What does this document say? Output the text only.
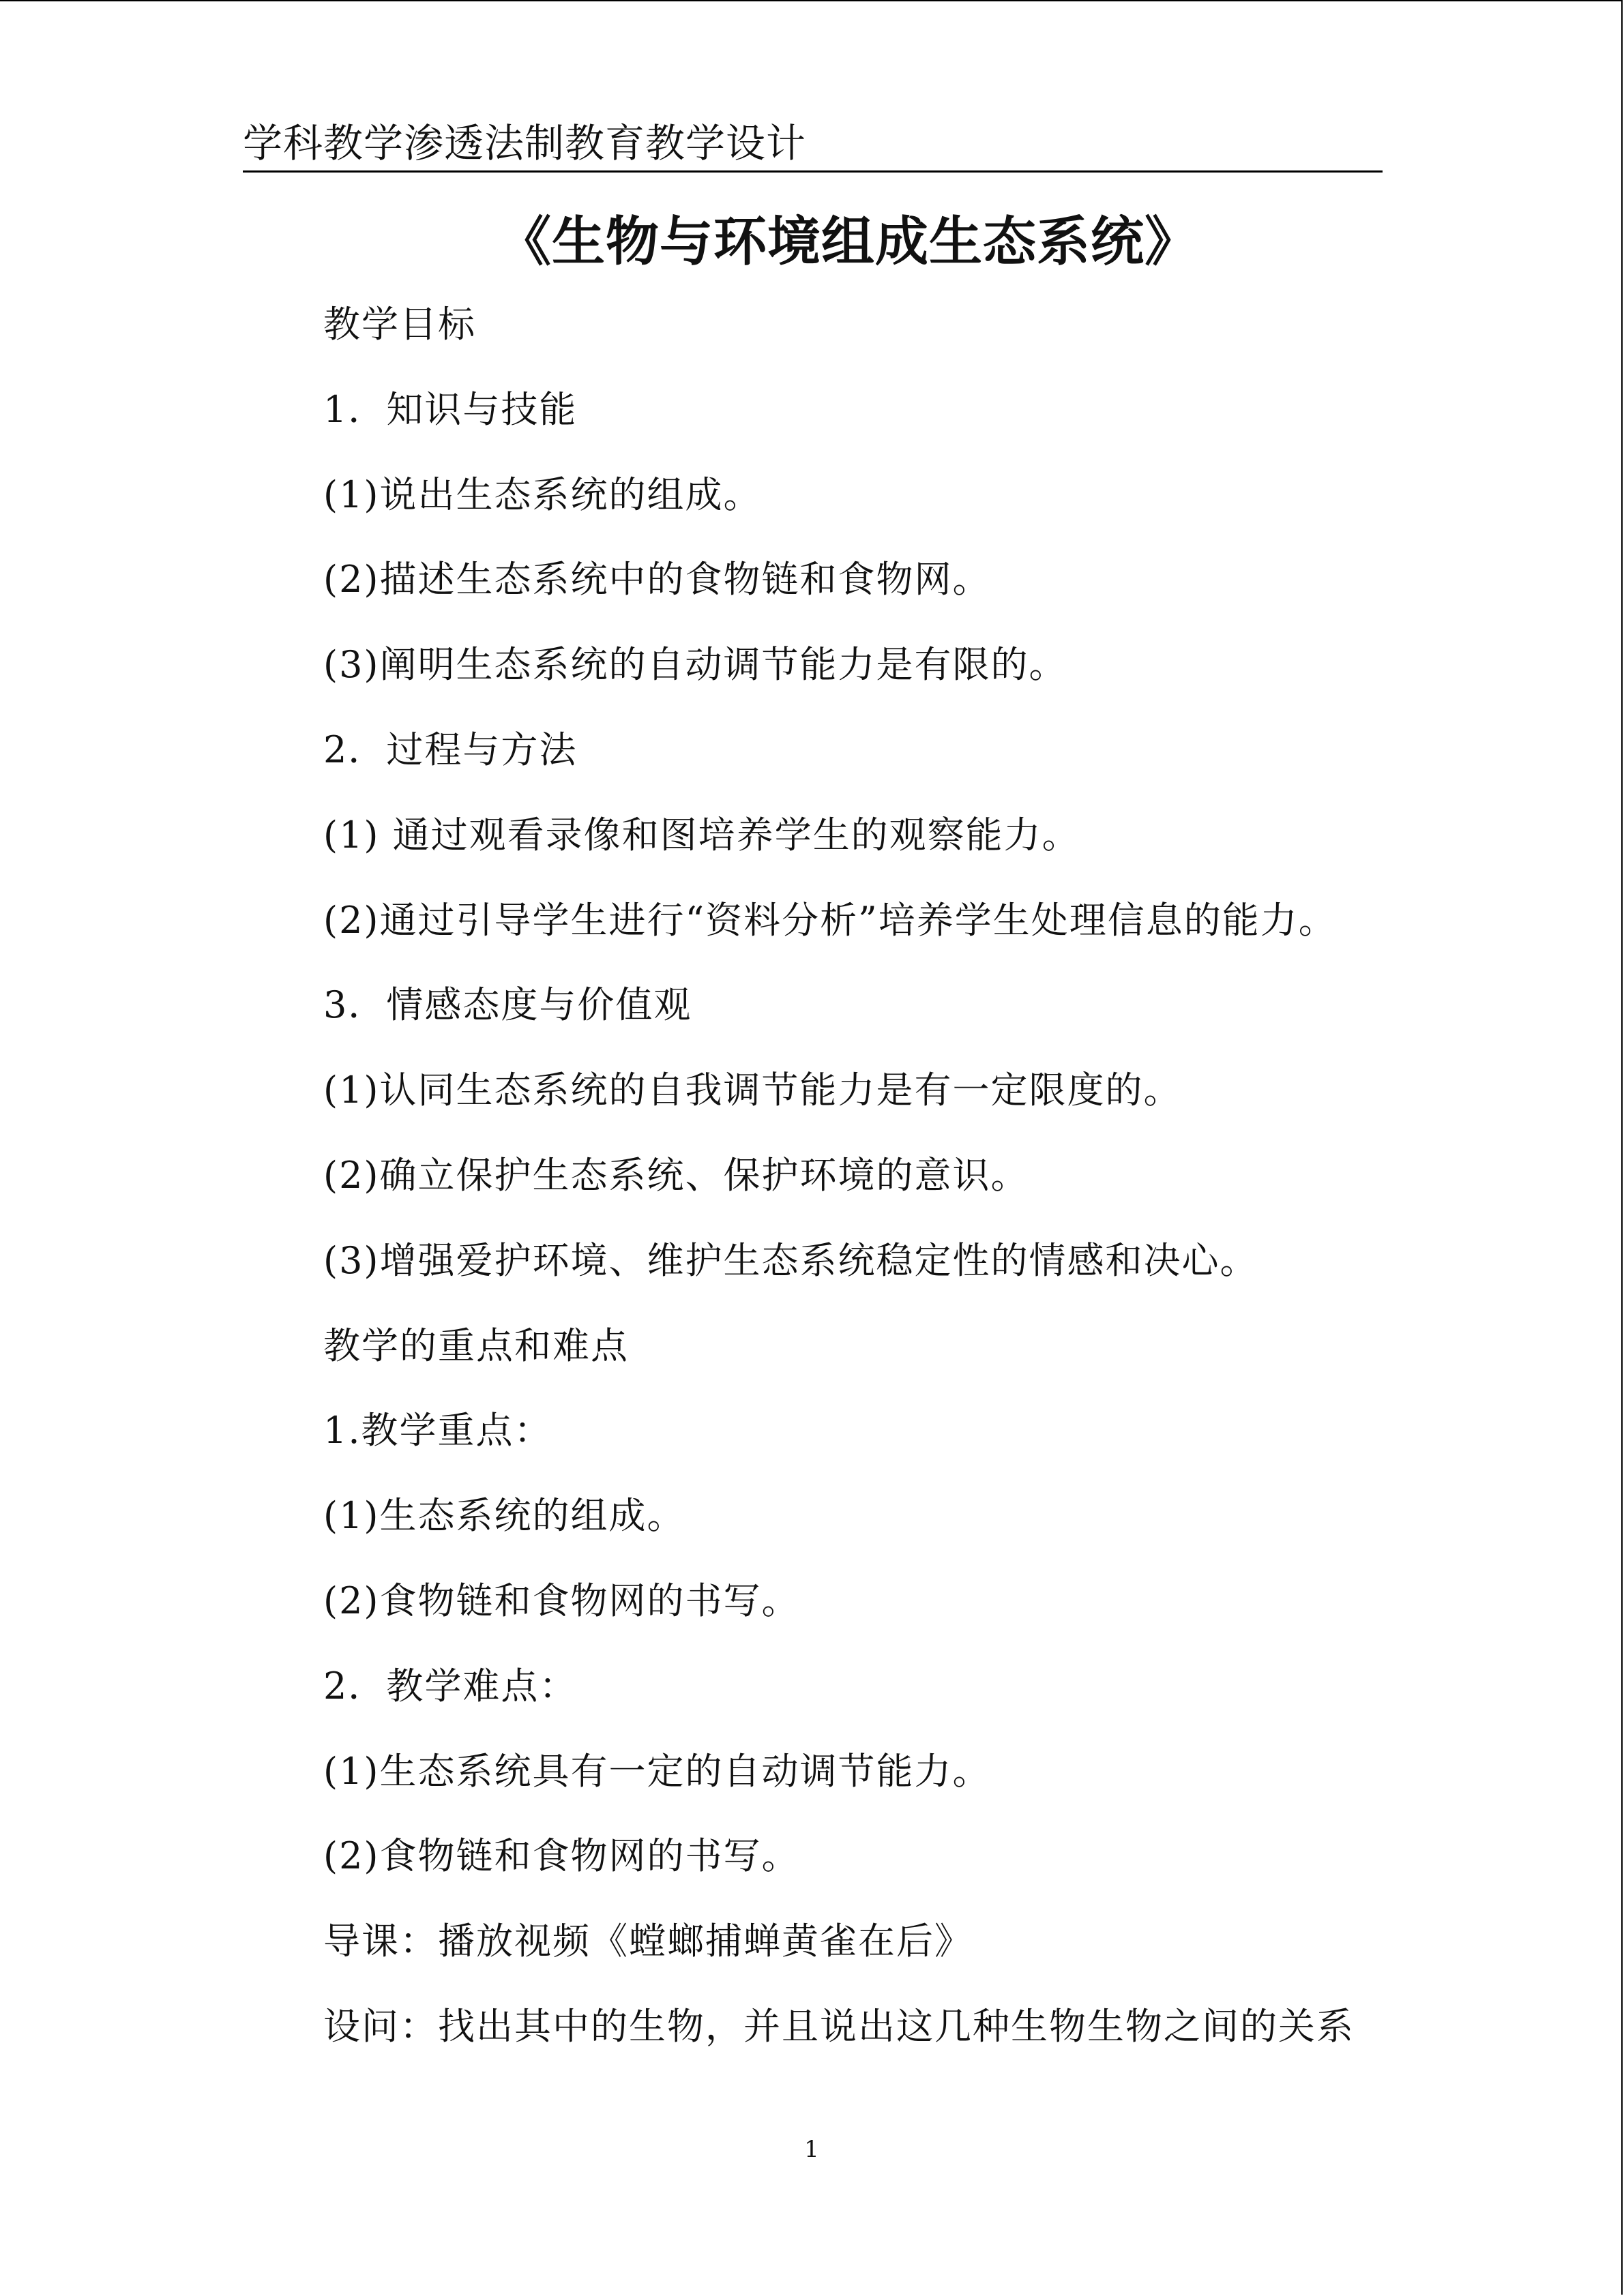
学科教学渗透法制教育教学设计
《生物与环境组成生态系统》
教学目标
1．知识与技能
(1)说出生态系统的组成。
(2)描述生态系统中的食物链和食物网。
(3)阐明生态系统的自动调节能力是有限的。
2．过程与方法
(1) 通过观看录像和图培养学生的观察能力。
(2)通过引导学生进行“资料分析”培养学生处理信息的能力。
3．情感态度与价值观
(1)认同生态系统的自我调节能力是有一定限度的。
(2)确立保护生态系统、保护环境的意识。
(3)增强爱护环境、维护生态系统稳定性的情感和决心。
教学的重点和难点
1.教学重点：
(1)生态系统的组成。
(2)食物链和食物网的书写。
2．教学难点：
(1)生态系统具有一定的自动调节能力。
(2)食物链和食物网的书写。
导课：播放视频《螳螂捕蝉黄雀在后》
设问：找出其中的生物，并且说出这几种生物生物之间的关系
1
